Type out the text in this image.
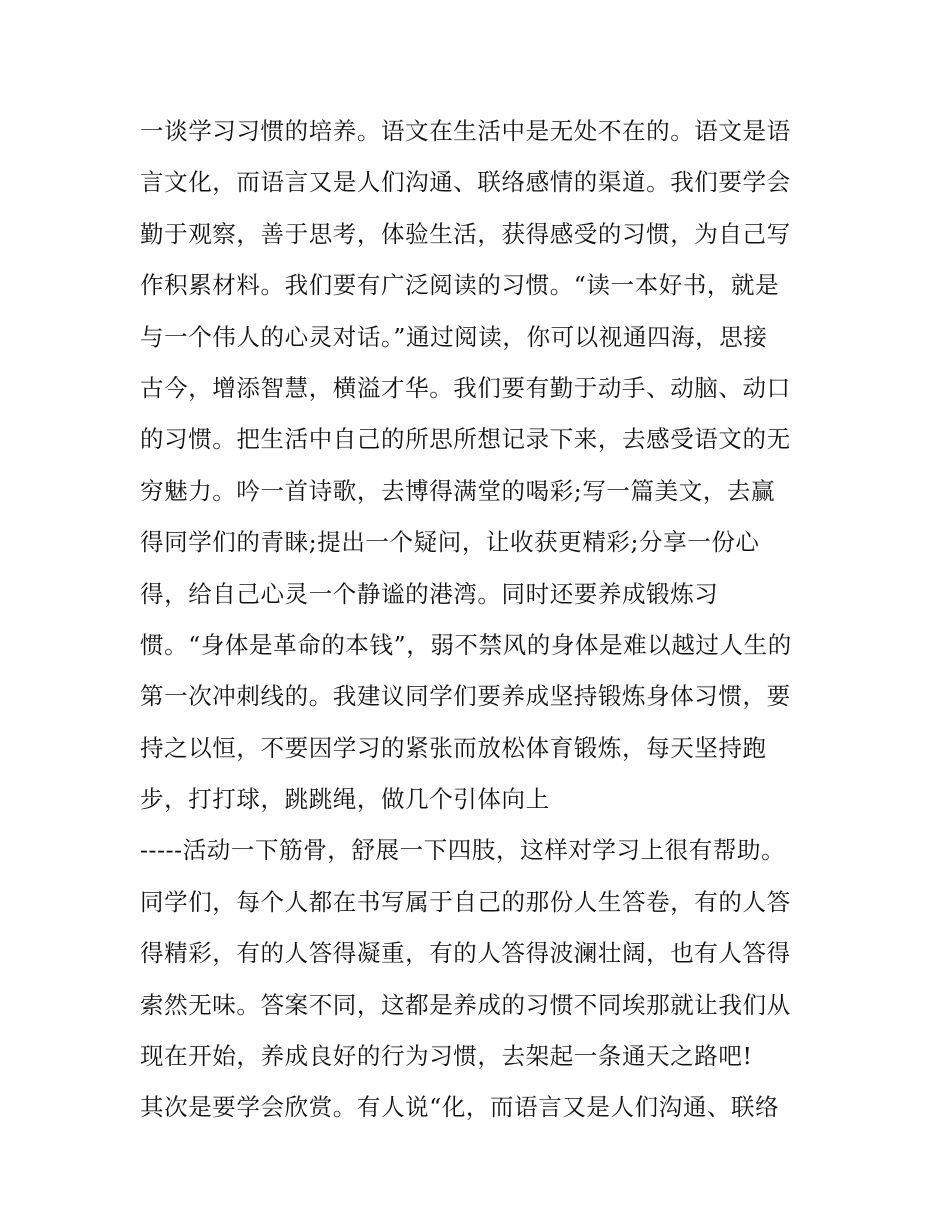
一谈学习习惯的培养。语文在生活中是无处不在的。语文是语
言文化，而语言又是人们沟通、联络感情的渠道。我们要学会
勤于观察，善于思考，体验生活，获得感受的习惯，为自己写
作积累材料。我们要有广泛阅读的习惯。“读一本好书，就是
与一个伟人的心灵对话。”通过阅读，你可以视通四海，思接
古今，增添智慧，横溢才华。我们要有勤于动手、动脑、动口
的习惯。把生活中自己的所思所想记录下来，去感受语文的无
穷魅力。吟一首诗歌，去博得满堂的喝彩;写一篇美文，去赢
得同学们的青睐;提出一个疑问，让收获更精彩;分享一份心
得，给自己心灵一个静谧的港湾。同时还要养成锻炼习
惯。“身体是革命的本钱”，弱不禁风的身体是难以越过人生的
第一次冲刺线的。我建议同学们要养成坚持锻炼身体习惯，要
持之以恒，不要因学习的紧张而放松体育锻炼，每天坚持跑
步，打打球，跳跳绳，做几个引体向上
-----活动一下筋骨，舒展一下四肢，这样对学习上很有帮助。
同学们，每个人都在书写属于自己的那份人生答卷，有的人答
得精彩，有的人答得凝重，有的人答得波澜壮阔，也有人答得
索然无味。答案不同，这都是养成的习惯不同埃那就让我们从
现在开始，养成良好的行为习惯，去架起一条通天之路吧!
其次是要学会欣赏。有人说“化，而语言又是人们沟通、联络
